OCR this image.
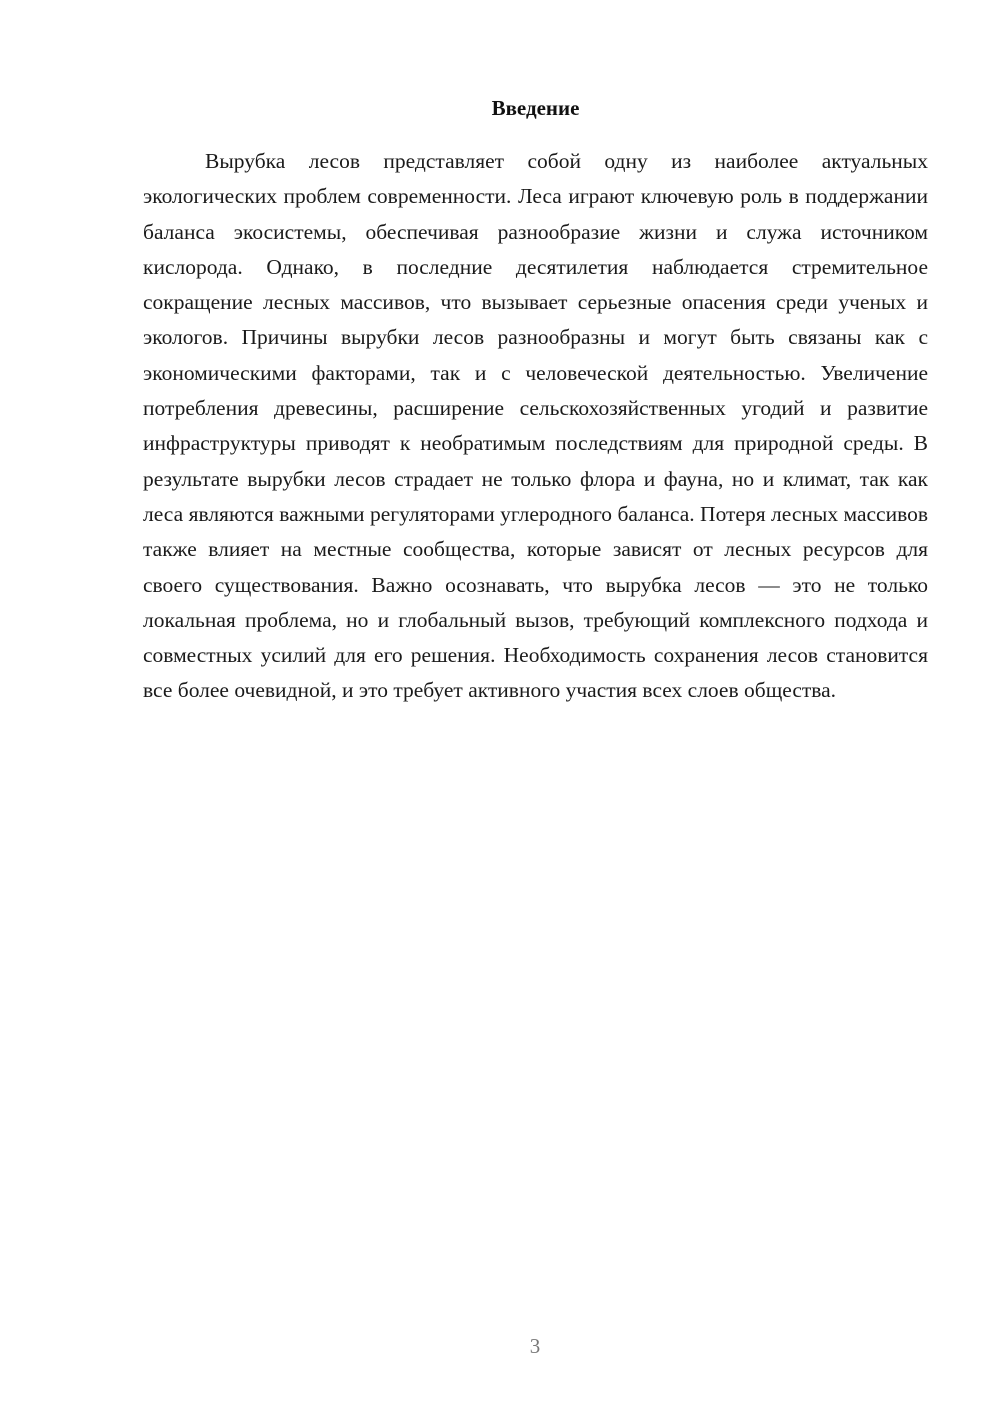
Введение

Вырубка лесов представляет собой одну из наиболее актуальных экологических проблем современности. Леса играют ключевую роль в поддержании баланса экосистемы, обеспечивая разнообразие жизни и служа источником кислорода. Однако, в последние десятилетия наблюдается стремительное сокращение лесных массивов, что вызывает серьезные опасения среди ученых и экологов. Причины вырубки лесов разнообразны и могут быть связаны как с экономическими факторами, так и с человеческой деятельностью. Увеличение потребления древесины, расширение сельскохозяйственных угодий и развитие инфраструктуры приводят к необратимым последствиям для природной среды. В результате вырубки лесов страдает не только флора и фауна, но и климат, так как леса являются важными регуляторами углеродного баланса. Потеря лесных массивов также влияет на местные сообщества, которые зависят от лесных ресурсов для своего существования. Важно осознавать, что вырубка лесов — это не только локальная проблема, но и глобальный вызов, требующий комплексного подхода и совместных усилий для его решения. Необходимость сохранения лесов становится все более очевидной, и это требует активного участия всех слоев общества.

3
